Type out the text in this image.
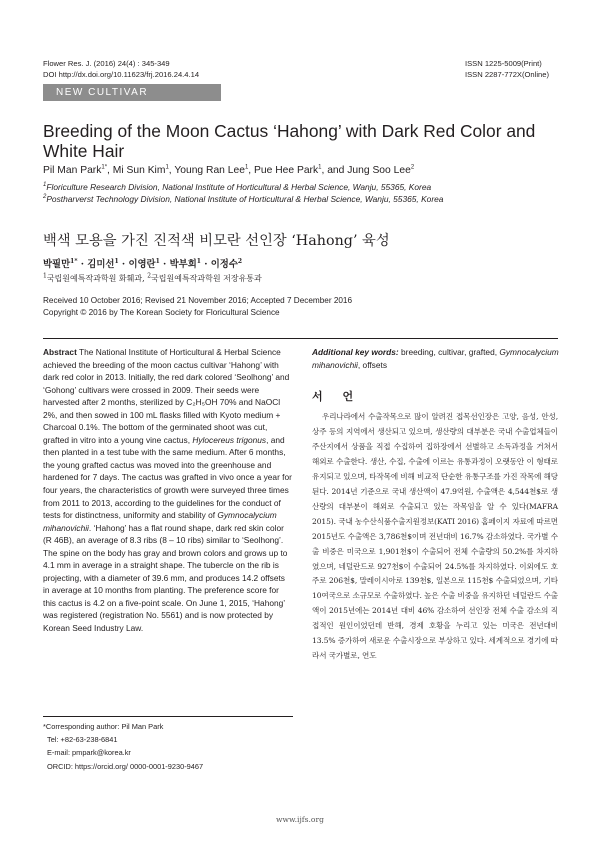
Flower Res. J. (2016) 24(4) : 345-349
DOI http://dx.doi.org/10.11623/frj.2016.24.4.14
ISSN 1225-5009(Print)
ISSN 2287-772X(Online)
NEW CULTIVAR INTRODUCTION
Breeding of the Moon Cactus ‘Hahong’ with Dark Red Color and White Hair
Pil Man Park$^{1*}$, Mi Sun Kim$^1$, Young Ran Lee$^1$, Pue Hee Park$^1$, and Jung Soo Lee$^2$
$^1$Floriculture Research Division, National Institute of Horticultural & Herbal Science, Wanju, 55365, Korea
$^2$Postharverst Technology Division, National Institute of Horticultural & Herbal Science, Wanju, 55365, Korea
백색 모용을 가진 진적색 비모란 선인장 ‘Hahong’ 육성
박필만$^{1*}$ · 김미선$^1$ · 이영란$^1$ · 박부희$^1$ · 이정수$^2$
$^1$국립원예특작과학원 화훼과, $^2$국립원예특작과학원 저장유통과
Received 10 October 2016; Revised 21 November 2016; Accepted 7 December 2016
Copyright © 2016 by The Korean Society for Floricultural Science
Abstract The National Institute of Horticultural & Herbal Science achieved the breeding of the moon cactus cultivar ‘Hahong’ with dark red color in 2013. Initially, the red dark colored ‘Seolhong’ and ‘Gohong’ cultivars were crossed in 2009. Their seeds were harvested after 2 months, sterilized by C₂H₅OH 70% and NaOCl 2%, and then sowed in 100 mL flasks filled with Kyoto medium + Charcoal 0.1%. The bottom of the germinated shoot was cut, grafted in vitro into a young vine cactus, Hylocereus trigonus, and then planted in a test tube with the same medium. After 6 months, the young grafted cactus was moved into the greenhouse and hardened for 7 days. The cactus was grafted in vivo once a year for four years, the characteristics of growth were surveyed three times from 2011 to 2013, according to the guidelines for the conduct of tests for distinctness, uniformity and stability of Gymnocalycium mihanovichii. ‘Hahong’ has a flat round shape, dark red skin color (R 46B), an average of 8.3 ribs (8 – 10 ribs) similar to ‘Seolhong’. The spine on the body has gray and brown colors and grows up to 4.1 mm in average in a straight shape. The tubercle on the rib is projecting, with a diameter of 39.6 mm, and produces 14.2 offsets in average at 10 months from planting. The preference score for this cactus is 4.2 on a five-point scale. On June 1, 2015, ‘Hahong’ was registered (registration No. 5561) and is now protected by Korean Seed Industry Law.
Additional key words: breeding, cultivar, grafted, Gymnocalycium mihanovichii, offsets
서 언

우리나라에서 수출작목으로 많이 알려진 접목선인장은 고양, 음성, 안성, 상주 등의 지역에서 생산되고 있으며, 생산량의 대부분은 국내 수출업체들이 주산지에서 상품을 직접 수집하여 집하장에서 선별하고 소독과정을 거쳐서 해외로 수출한다. 생산, 수집, 수출에 이르는 유통과정이 오랫동안 이 형태로 유지되고 있으며, 타작목에 비해 비교적 단순한 유통구조를 가진 작목에 해당된다. 2014년 기준으로 국내 생산액이 47.9억원, 수출액은 4,544천$로 생산량의 대부분이 해외로 수출되고 있는 작목임을 알 수 있다(MAFRA 2015). 국내 농수산식품수출지원정보(KATI 2016) 홈페이지 자료에 따르면 2015년도 수출액은 3,786천$이며 전년대비 16.7% 감소하였다. 국가별 수출 비중은 미국으로 1,901천$이 수출되어 전체 수출량의 50.2%를 차지하였으며, 네덜란드로 927천$이 수출되어 24.5%를 차지하였다. 이외에도 호주로 206천$, 말레이시아로 139천$, 일본으로 115천$ 수출되었으며, 기타 10여국으로 소규모로 수출하였다. 높은 수출 비중을 유지하던 네덜란드 수출액이 2015년에는 2014년 대비 46% 감소하여 선인장 전체 수출 감소의 직접적인 원인이었던데 반해, 경제 호황을 누리고 있는 미국은 전년대비 13.5% 증가하여 새로운 수출시장으로 부상하고 있다. 세계적으로 경기에 따라서 국가별로, 연도

*Corresponding author: Pil Man Park
Tel: +82-63-238-6841
E-mail: pmpark@korea.kr
ORCID: https://orcid.org/ 0000-0001-9230-9467
www.ijfs.org
